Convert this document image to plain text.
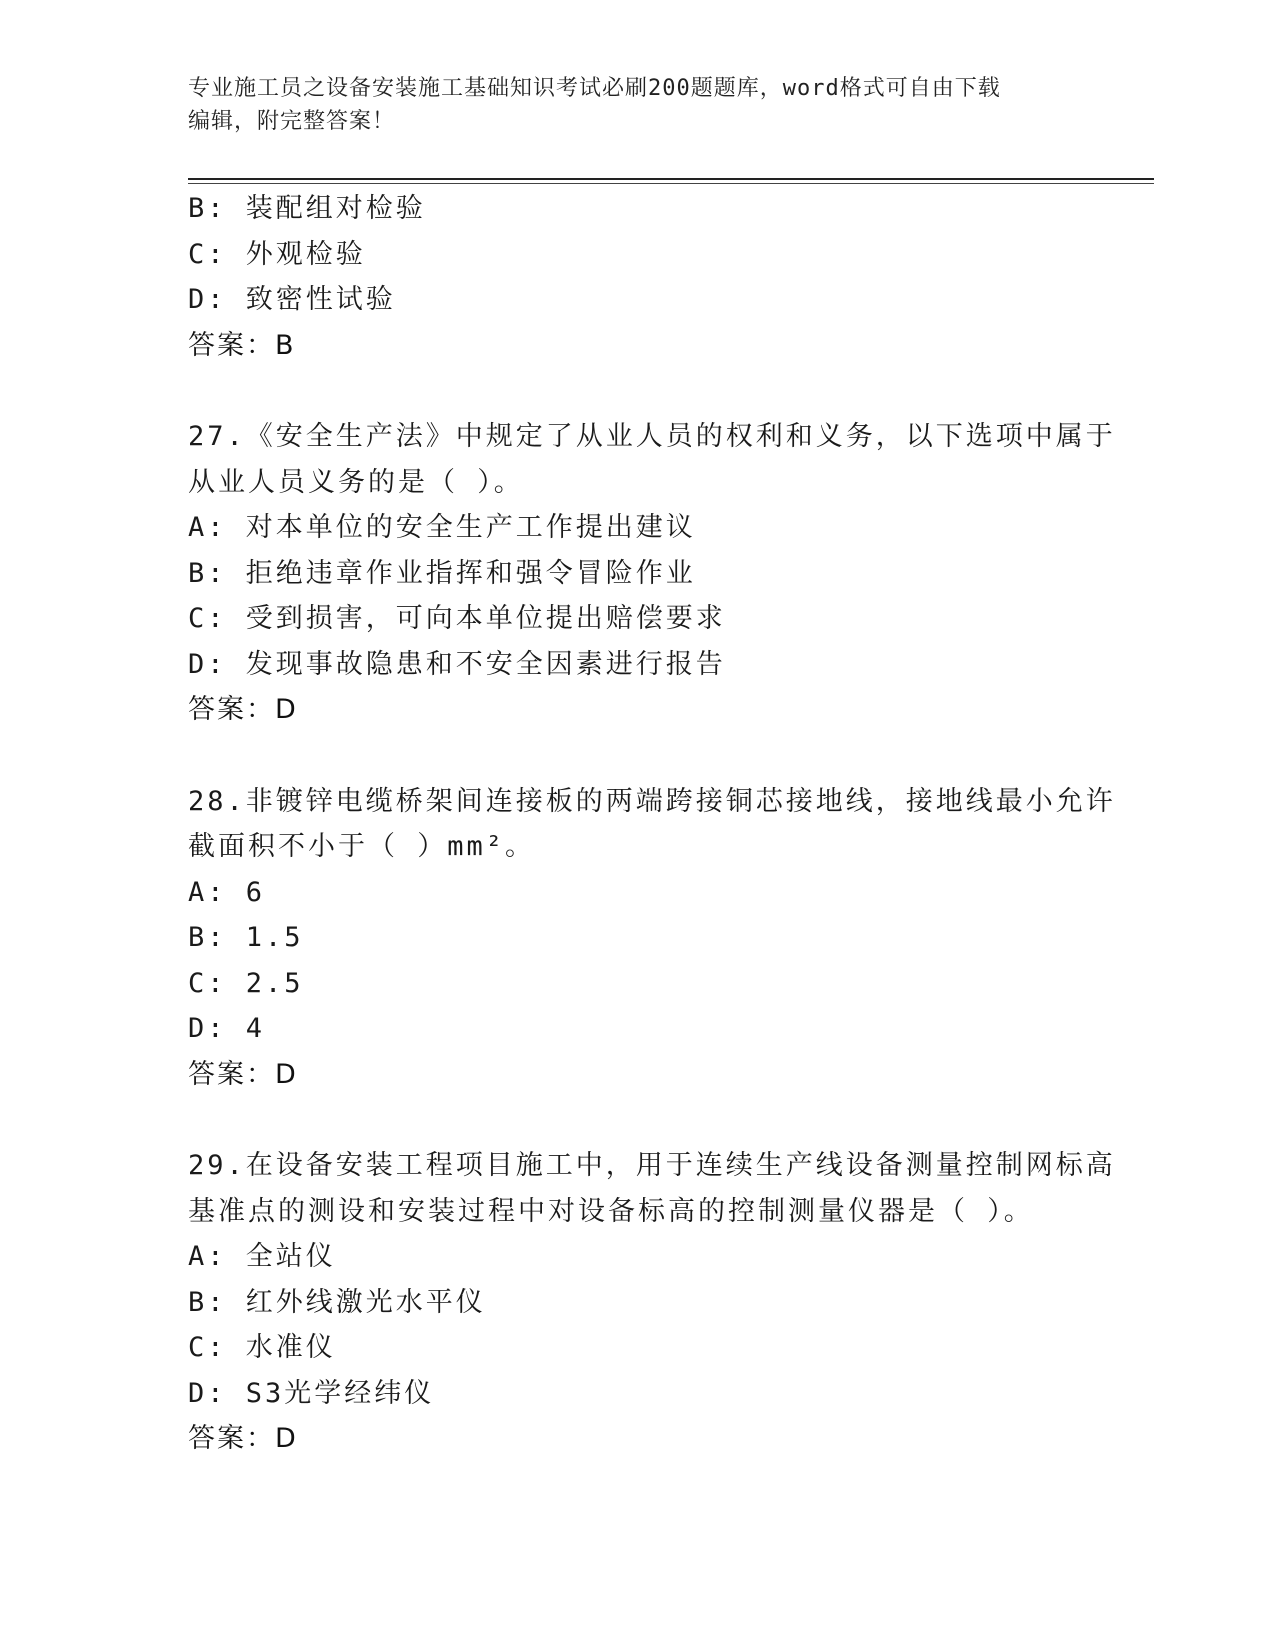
专业施工员之设备安装施工基础知识考试必刷200题题库，word格式可自由下载
编辑，附完整答案！
B: 装配组对检验
C: 外观检验
D: 致密性试验
答案：B
27.《安全生产法》中规定了从业人员的权利和义务，以下选项中属于
从业人员义务的是（ ）。
A: 对本单位的安全生产工作提出建议
B: 拒绝违章作业指挥和强令冒险作业
C: 受到损害，可向本单位提出赔偿要求
D: 发现事故隐患和不安全因素进行报告
答案：D
28.非镀锌电缆桥架间连接板的两端跨接铜芯接地线，接地线最小允许
截面积不小于（ ）mm²。
A: 6
B: 1.5
C: 2.5
D: 4
答案：D
29.在设备安装工程项目施工中，用于连续生产线设备测量控制网标高
基准点的测设和安装过程中对设备标高的控制测量仪器是（ ）。
A: 全站仪
B: 红外线激光水平仪
C: 水准仪
D: S3光学经纬仪
答案：D
